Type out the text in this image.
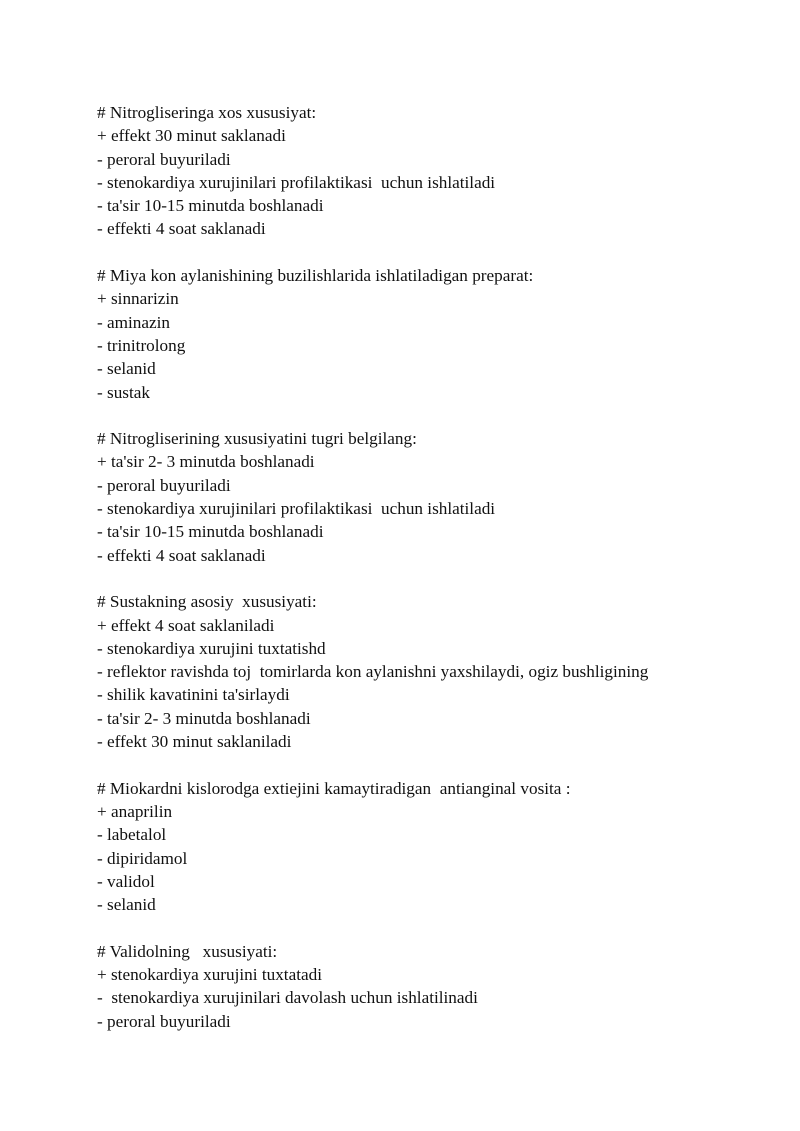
# Nitrogliseringa xos xususiyat:
+ effekt 30 minut saklanadi
- peroral buyuriladi
- stenokardiya xurujinilari profilaktikasi  uchun ishlatiladi
- ta'sir 10-15 minutda boshlanadi
- effekti 4 soat saklanadi
# Miya kon aylanishining buzilishlarida ishlatiladigan preparat:
+ sinnarizin
- aminazin
- trinitrolong
- selanid
- sustak
# Nitrogliserining xususiyatini tugri belgilang:
+ ta'sir 2- 3 minutda boshlanadi
- peroral buyuriladi
- stenokardiya xurujinilari profilaktikasi  uchun ishlatiladi
- ta'sir 10-15 minutda boshlanadi
- effekti 4 soat saklanadi
# Sustakning asosiy  xususiyati:
+ effekt 4 soat saklaniladi
- stenokardiya xurujini tuxtatishd
- reflektor ravishda toj  tomirlarda kon aylanishni yaxshilaydi, ogiz bushligining
- shilik kavatinini ta'sirlaydi
- ta'sir 2- 3 minutda boshlanadi
- effekt 30 minut saklaniladi
# Miokardni kislorodga extiejini kamaytiradigan  antianginal vosita :
+ anaprilin
- labetalol
- dipiridamol
- validol
- selanid
# Validolning   xususiyati:
+ stenokardiya xurujini tuxtatadi
-  stenokardiya xurujinilari davolash uchun ishlatilinadi
- peroral buyuriladi
